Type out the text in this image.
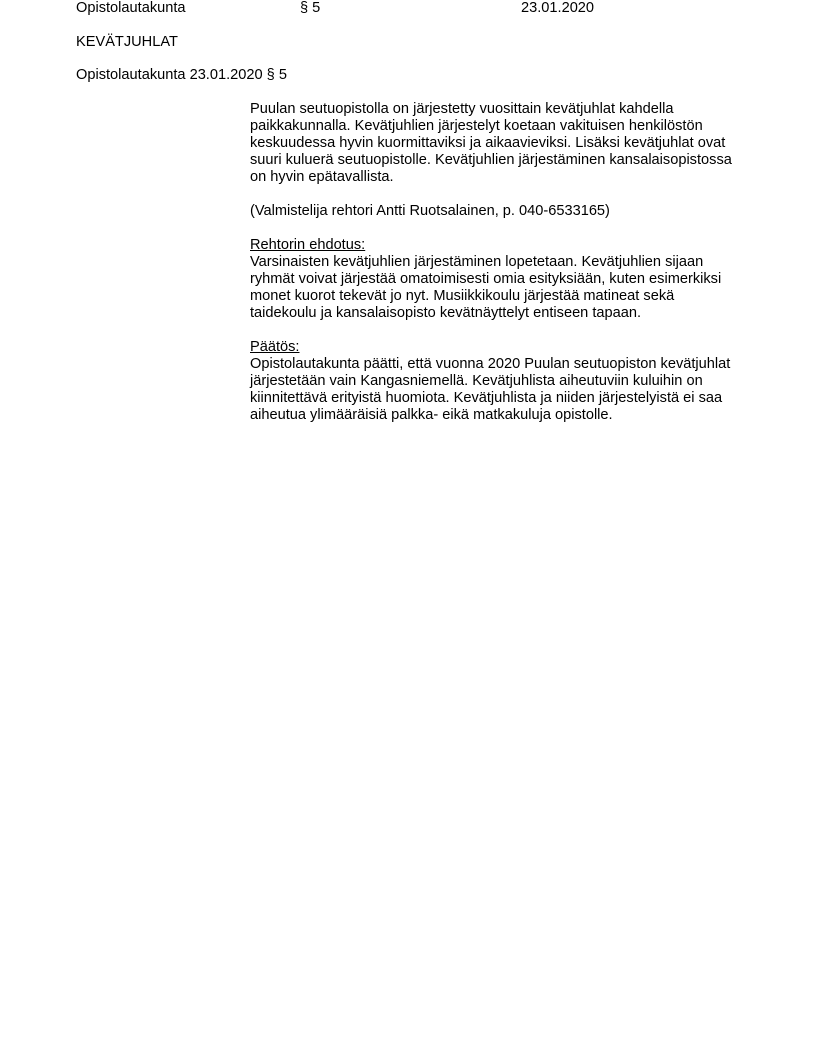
Opistolautakunta	§ 5	23.01.2020
KEVÄTJUHLAT
Opistolautakunta 23.01.2020 § 5

Puulan seutuopistolla on järjestetty vuosittain kevätjuhlat kahdella
paikkakunnalla. Kevätjuhlien järjestelyt koetaan vakituisen henkilöstön
keskuudessa hyvin kuormittaviksi ja aikaavieviksi. Lisäksi kevätjuhlat ovat
suuri kuluerä seutuopistolle. Kevätjuhlien järjestäminen kansalaisopistossa
on hyvin epätavallista.

(Valmistelija rehtori Antti Ruotsalainen, p. 040-6533165)

Rehtorin ehdotus:

Varsinaisten kevätjuhlien järjestäminen lopetetaan. Kevätjuhlien sijaan
ryhmät voivat järjestää omatoimisesti omia esityksiään, kuten esimerkiksi
monet kuorot tekevät jo nyt. Musiikkikoulu järjestää matineat sekä
taidekoulu ja kansalaisopisto kevätnäyttelyt entiseen tapaan.

Päätös:

Opistolautakunta päätti, että vuonna 2020 Puulan seutuopiston kevätjuhlat
järjestetään vain Kangasniemellä. Kevätjuhlista aiheutuviin kuluihin on
kiinnitettävä erityistä huomiota. Kevätjuhlista ja niiden järjestelyistä ei saa
aiheutua ylimääräisiä palkka- eikä matkakuluja opistolle.
